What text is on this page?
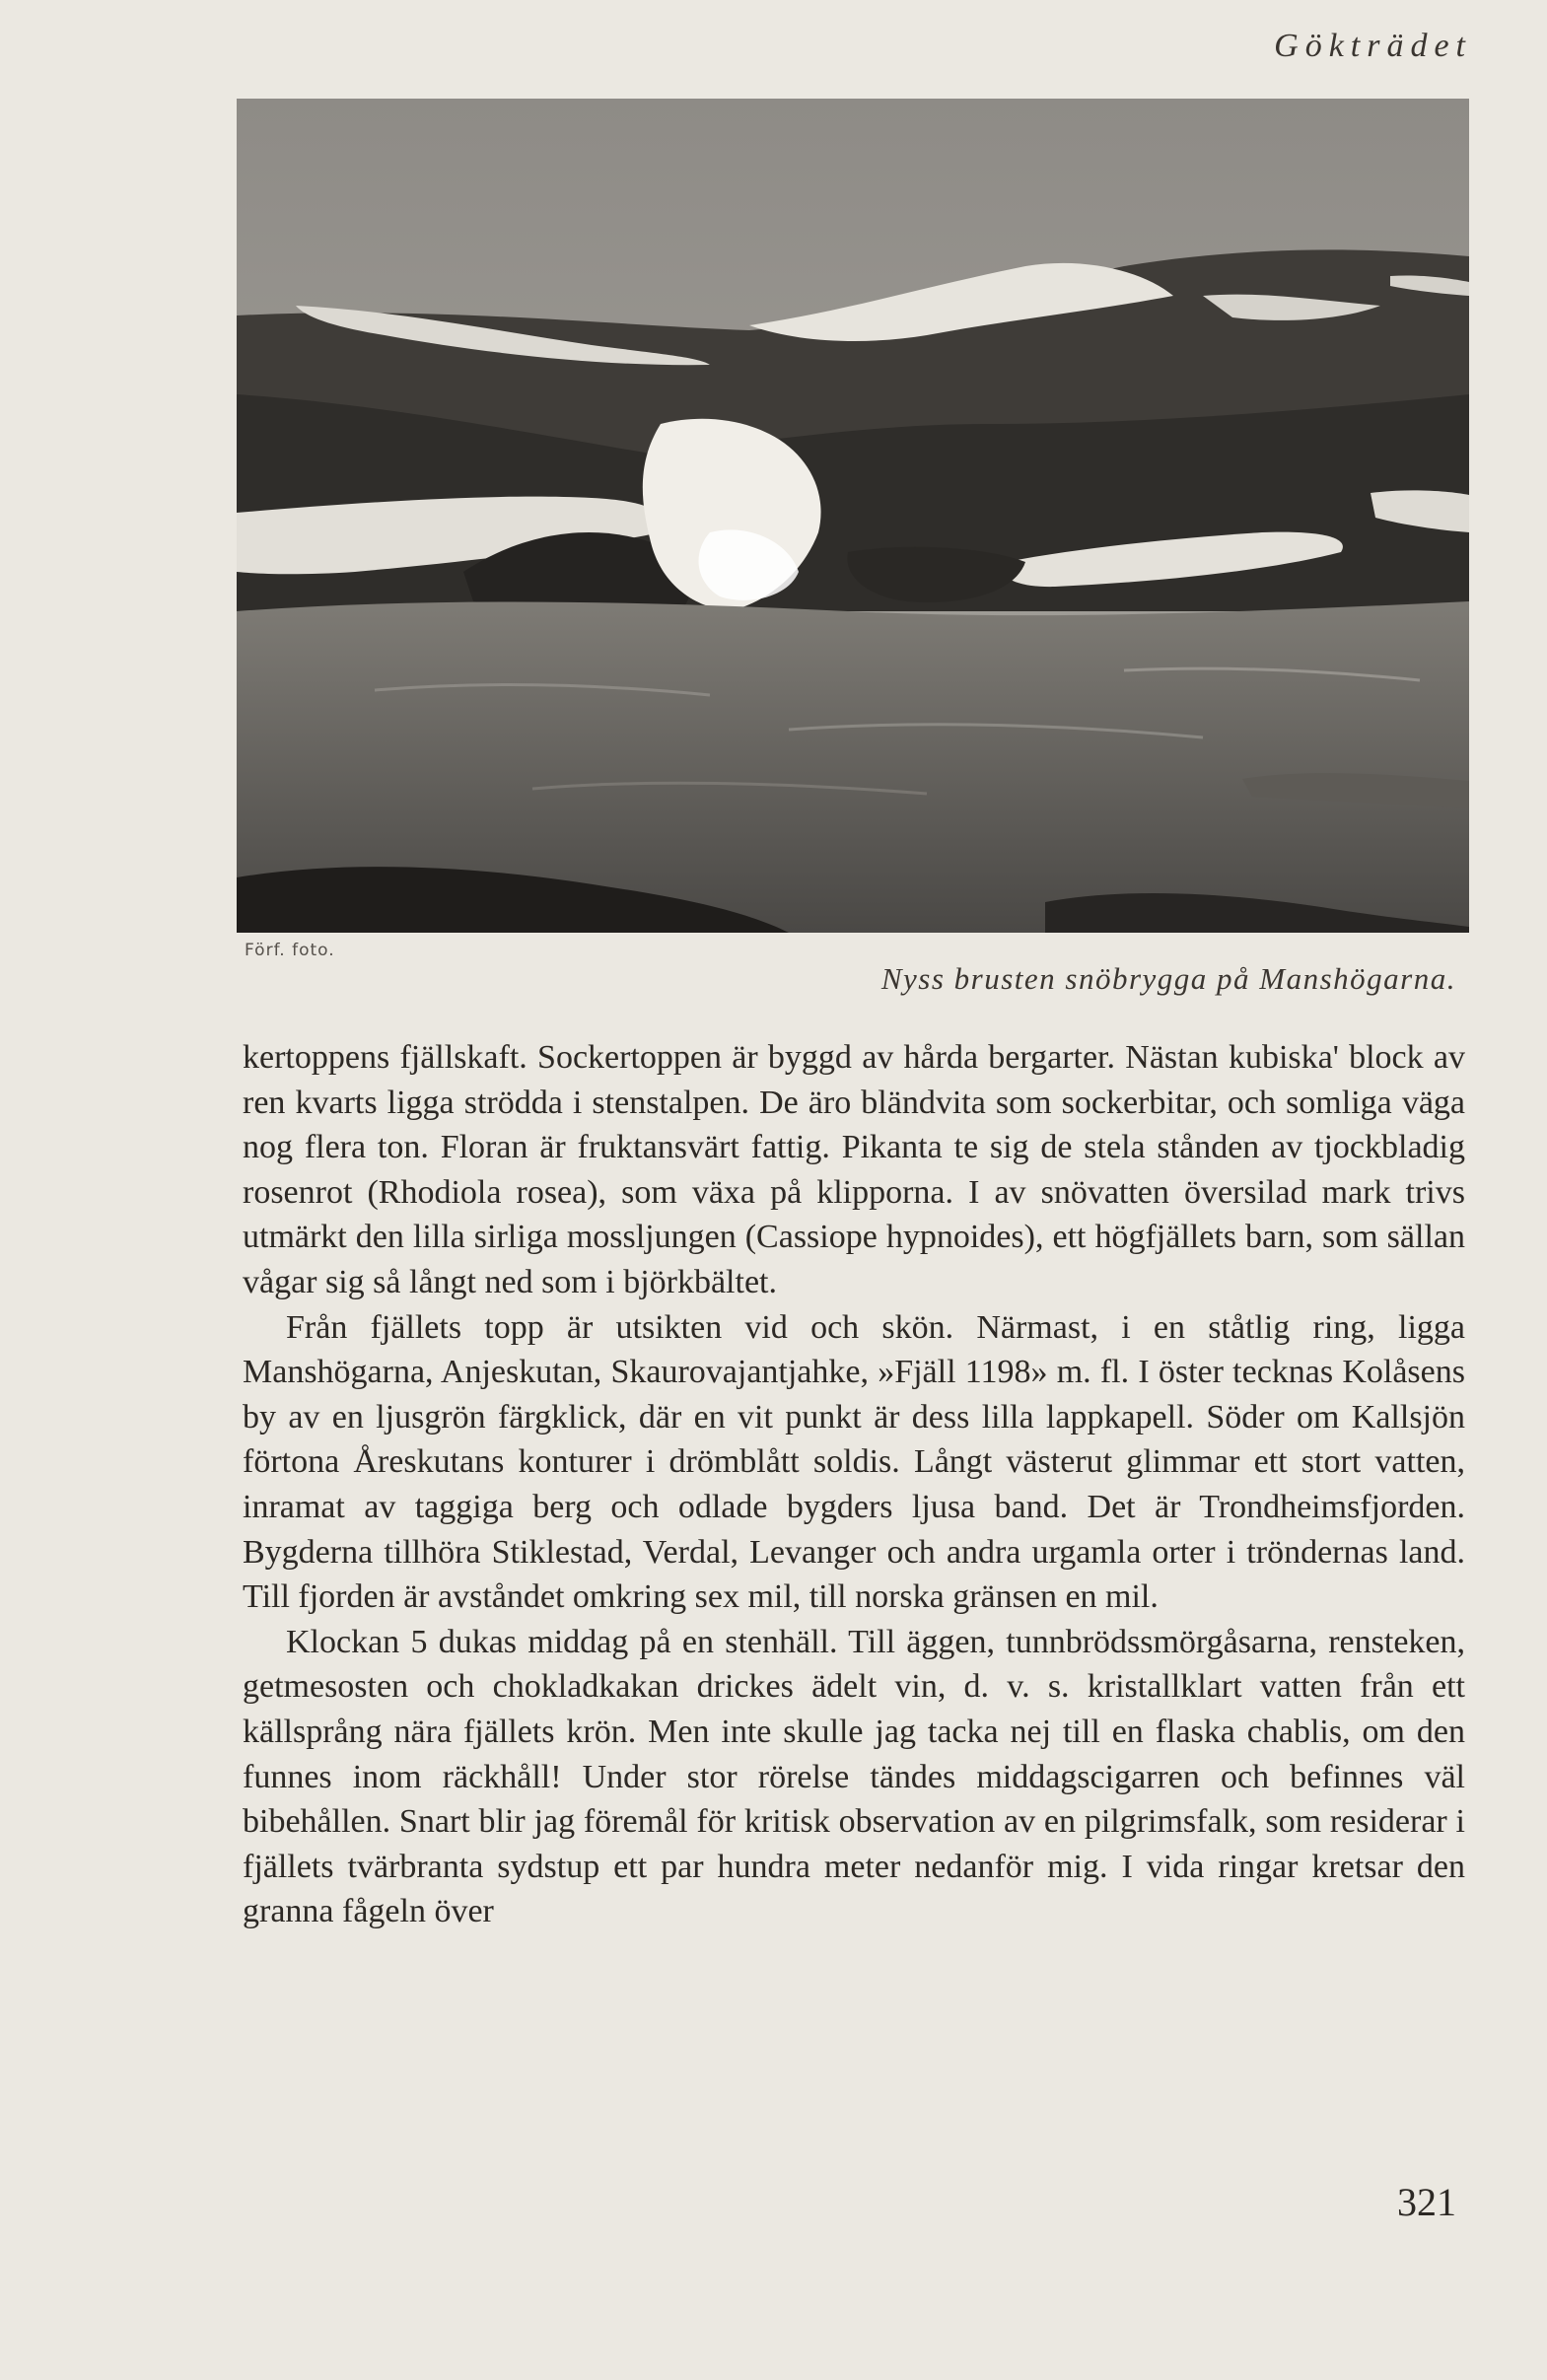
Gökträdet
Förf. foto.
Nyss brusten snöbrygga på Manshögarna.

kertoppens fjällskaft. Sockertoppen är byggd av hårda bergarter. Nästan kubiska' block av ren kvarts ligga strödda i stenstalpen. De äro bländvita som sockerbitar, och somliga väga nog flera ton. Floran är fruktansvärt fattig. Pikanta te sig de stela stånden av tjockbladig rosenrot (Rhodiola rosea), som växa på klipporna. I av snövatten översilad mark trivs utmärkt den lilla sirliga mossljungen (Cassiope hypnoides), ett högfjällets barn, som sällan vågar sig så långt ned som i björkbältet.

Från fjällets topp är utsikten vid och skön. Närmast, i en ståtlig ring, ligga Manshögarna, Anjeskutan, Skaurovajantjahke, »Fjäll 1198» m. fl. I öster tecknas Kolåsens by av en ljusgrön färgklick, där en vit punkt är dess lilla lappkapell. Söder om Kallsjön förtona Åreskutans konturer i drömblått soldis. Långt västerut glimmar ett stort vatten, inramat av taggiga berg och odlade bygders ljusa band. Det är Trondheimsfjorden. Bygderna tillhöra Stiklestad, Verdal, Levanger och andra urgamla orter i tröndernas land. Till fjorden är avståndet omkring sex mil, till norska gränsen en mil.

Klockan 5 dukas middag på en stenhäll. Till äggen, tunnbrödssmörgåsarna, rensteken, getmesosten och chokladkakan drickes ädelt vin, d. v. s. kristallklart vatten från ett källsprång nära fjällets krön. Men inte skulle jag tacka nej till en flaska chablis, om den funnes inom räckhåll! Under stor rörelse tändes middagscigarren och befinnes väl bibehållen. Snart blir jag föremål för kritisk observation av en pilgrimsfalk, som residerar i fjällets tvärbranta sydstup ett par hundra meter nedanför mig. I vida ringar kretsar den granna fågeln över

321
